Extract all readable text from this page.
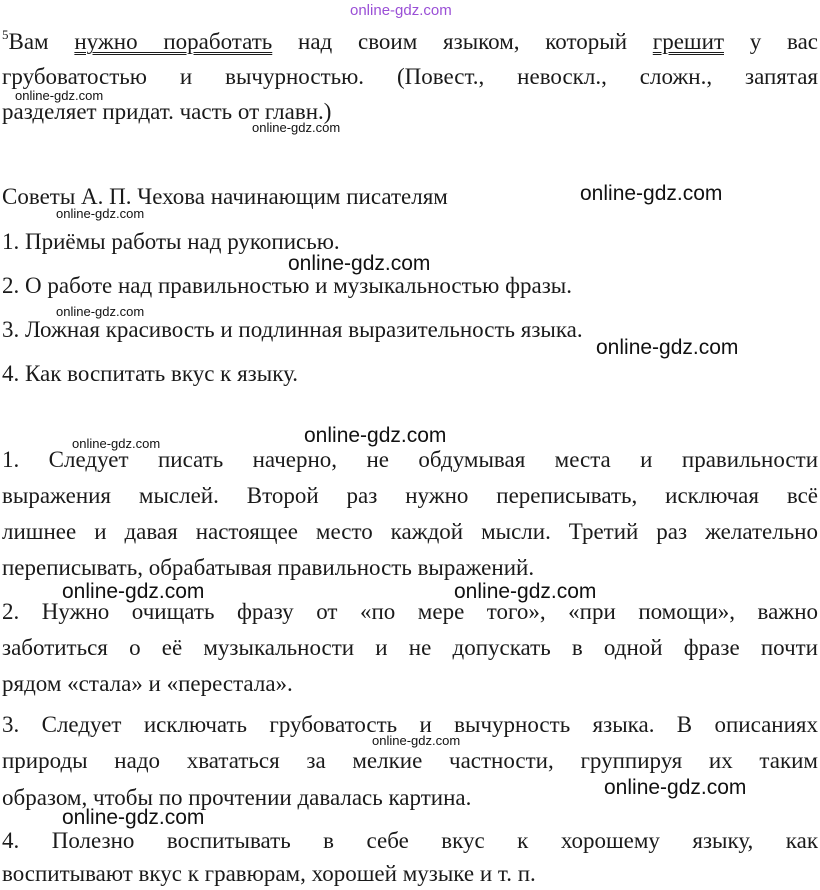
online-gdz.com
$^5$Вам нужно поработать над своим языком, который грешит у вас
грубоватостью и вычурностью. (Повест., невоскл., сложн., запятая
разделяет придат. часть от главн.)
Советы А. П. Чехова начинающим писателям
1. Приёмы работы над рукописью.
2. О работе над правильностью и музыкальностью фразы.
3. Ложная красивость и подлинная выразительность языка.
4. Как воспитать вкус к языку.
1. Следует писать начерно, не обдумывая места и правильности
выражения мыслей. Второй раз нужно переписывать, исключая всё
лишнее и давая настоящее место каждой мысли. Третий раз желательно
переписывать, обрабатывая правильность выражений.
2. Нужно очищать фразу от «по мере того», «при помощи», важно
заботиться о её музыкальности и не допускать в одной фразе почти
рядом «стала» и «перестала».
3. Следует исключать грубоватость и вычурность языка. В описаниях
природы надо хвататься за мелкие частности, группируя их таким
образом, чтобы по прочтении давалась картина.
4. Полезно воспитывать в себе вкус к хорошему языку, как
воспитывают вкус к гравюрам, хорошей музыке и т. п.
online-gdz.com
online-gdz.com
online-gdz.com
online-gdz.com
online-gdz.com
online-gdz.com
online-gdz.com
online-gdz.com
online-gdz.com
online-gdz.com	online-gdz.com
online-gdz.com
online-gdz.com
online-gdz.com
